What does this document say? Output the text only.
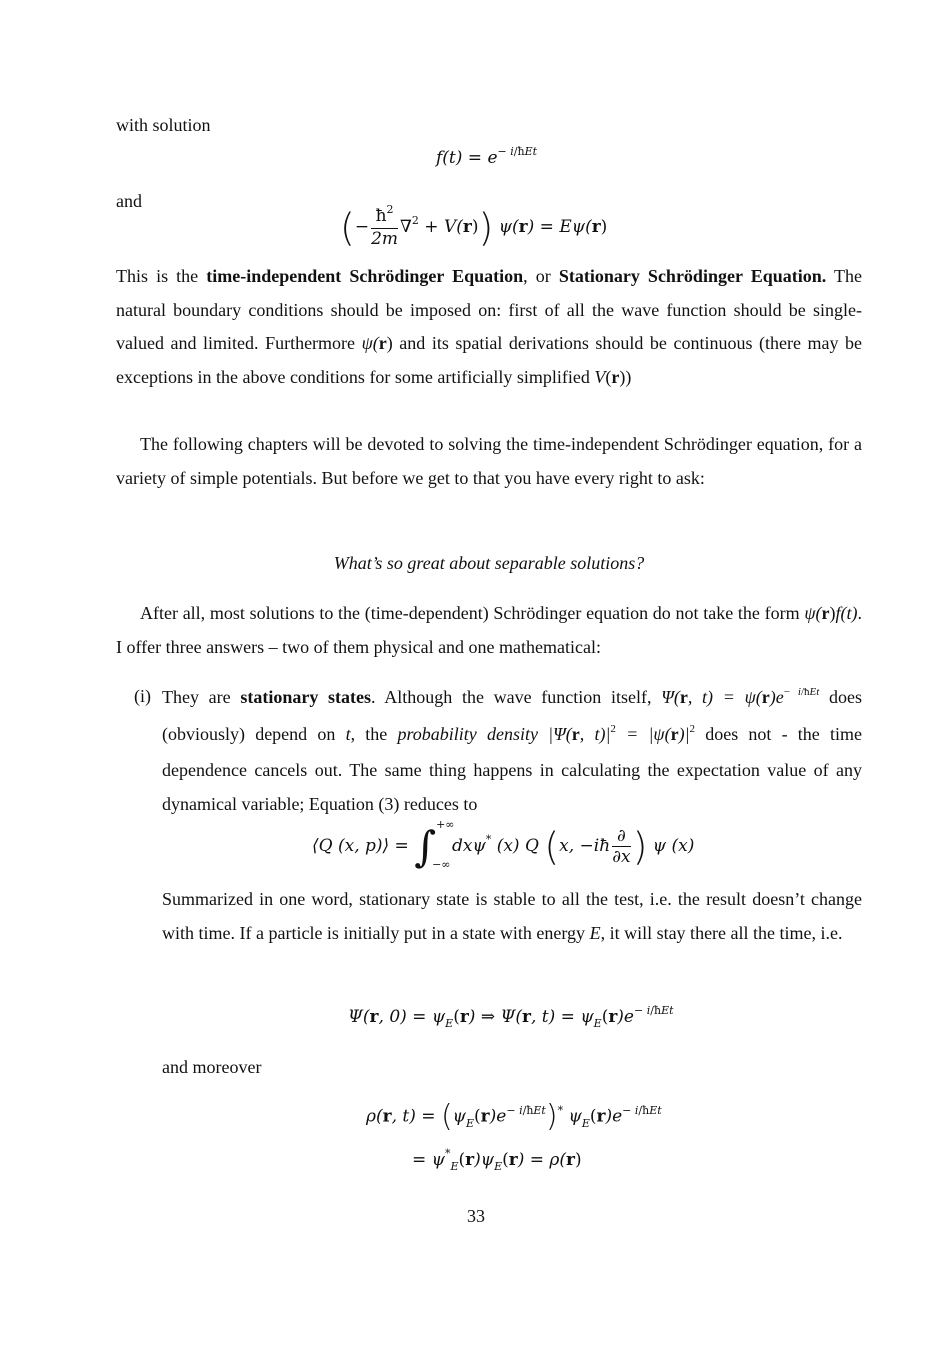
with solution
$f(t) = e^{- i/ħEt}$
and
(− $\frac{ħ^2}{2m} \nabla^2 + V(r)$) ψ(r) = Eψ(r)
This is the time-independent Schrödinger Equation, or Stationary Schrödinger Equation. The natural boundary conditions should be imposed on: first of all the wave function should be single-valued and limited. Furthermore ψ(r) and its spatial derivations should be continuous (there may be exceptions in the above conditions for some artificially simplified V(r))
The following chapters will be devoted to solving the time-independent Schrödinger equation, for a variety of simple potentials. But before we get to that you have every right to ask:
What’s so great about separable solutions?
After all, most solutions to the (time-dependent) Schrödinger equation do not take the form ψ(r)f(t). I offer three answers – two of them physical and one mathematical:
(i) They are stationary states. Although the wave function itself, Ψ(r, $t) = \psi(r)e^{- i/ħEt}$ does (obviously) depend on t, the probability density |Ψ(r, $t)|^2 = |\psi(r)|^2$ does not - the time dependence cancels out. The same thing happens in calculating the expectation value of any dynamical variable; Equation (3) reduces to
⟨Q (x, p)⟩ = ∫ +∞
−∞
dxψ* (x) Q (x, −iħ $\frac{\partial}{\partial x}$ ) ψ (x)
Summarized in one word, stationary state is stable to all the test, i.e. the result doesn’t change with time. If a particle is initially put in a state with energy E, it will stay there all the time, i.e.
Ψ(r, $0) = \psi_E(r)$ ⇒ Ψ(r, $t) = \psi_E(r)e^{- i/ħEt}$
and moreover
ρ(r, $t) = (\psi_E(r)e^{- i/ħEt})^*$ $\psi_E(r)e^{- i/ħEt}$
= $\psi^*_E(r)\psi_E(r) = \rho(r)$
33
